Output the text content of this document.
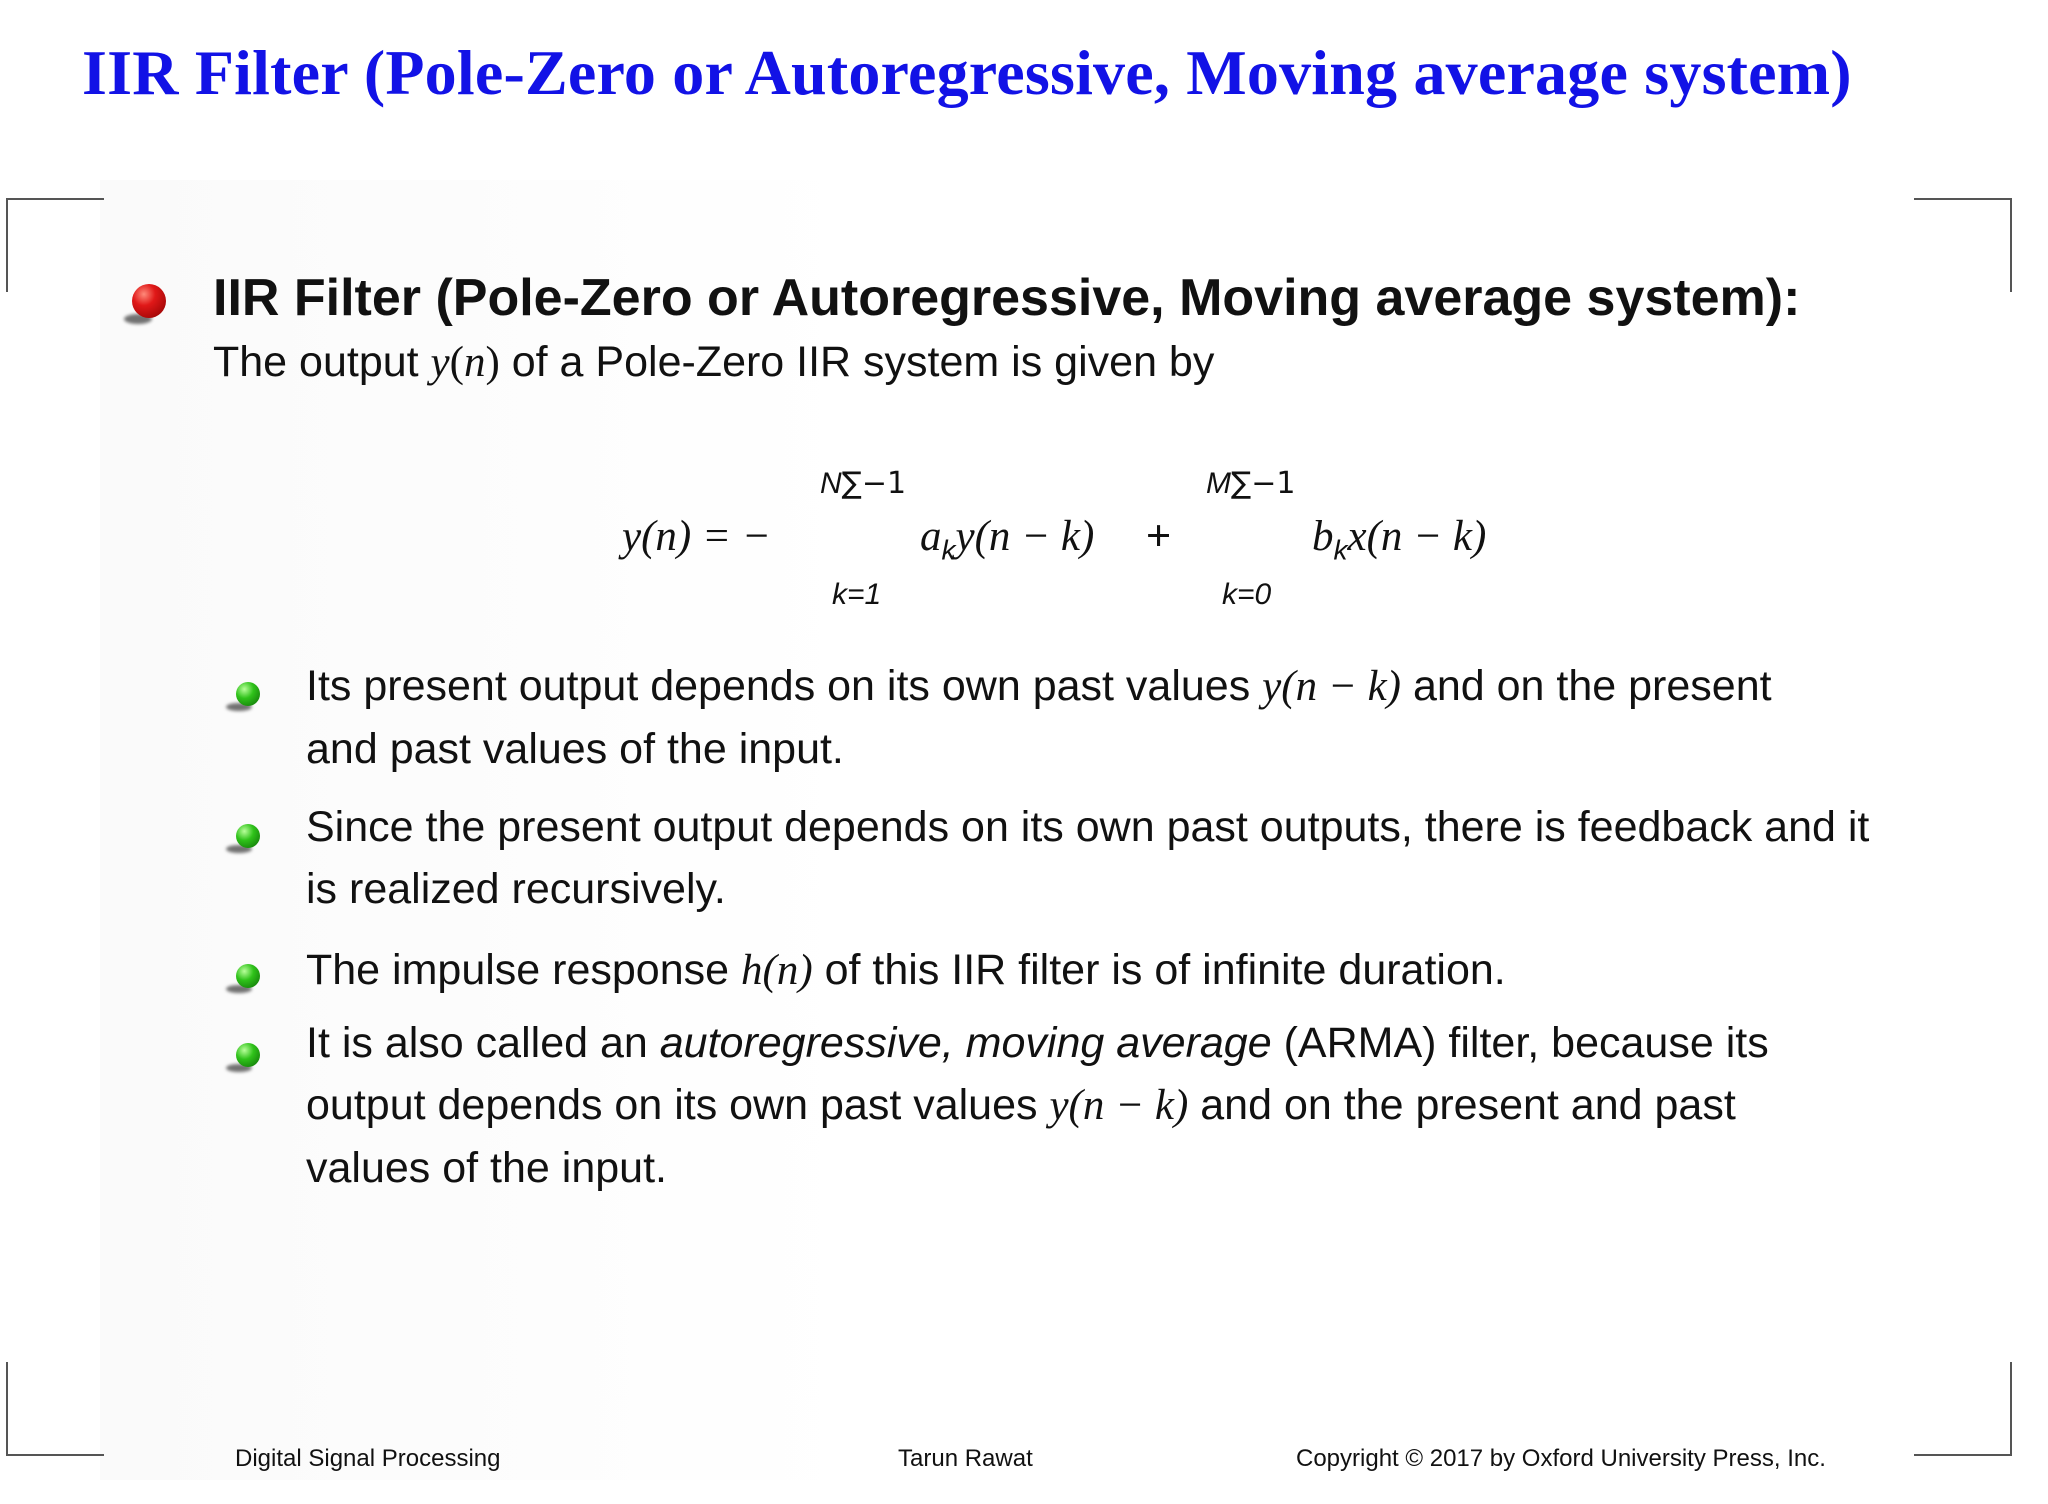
IIR Filter (Pole-Zero or Autoregressive, Moving average system)
IIR Filter (Pole-Zero or Autoregressive, Moving average system):
The output y(n) of a Pole-Zero IIR system is given by
y(n) = −
N∑−1
k=1
$a_ky(n - k)$ +
M∑−1
k=0
$b_kx(n - k)$
Its present output depends on its own past values y(n − k) and on the present
and past values of the input.
Since the present output depends on its own past outputs, there is feedback and it
is realized recursively.
The impulse response h(n) of this IIR filter is of infinite duration.
It is also called an autoregressive, moving average (ARMA) filter, because its
output depends on its own past values y(n − k) and on the present and past
values of the input.
Digital Signal Processing	Tarun Rawat	Copyright © 2017 by Oxford University Press, Inc.
